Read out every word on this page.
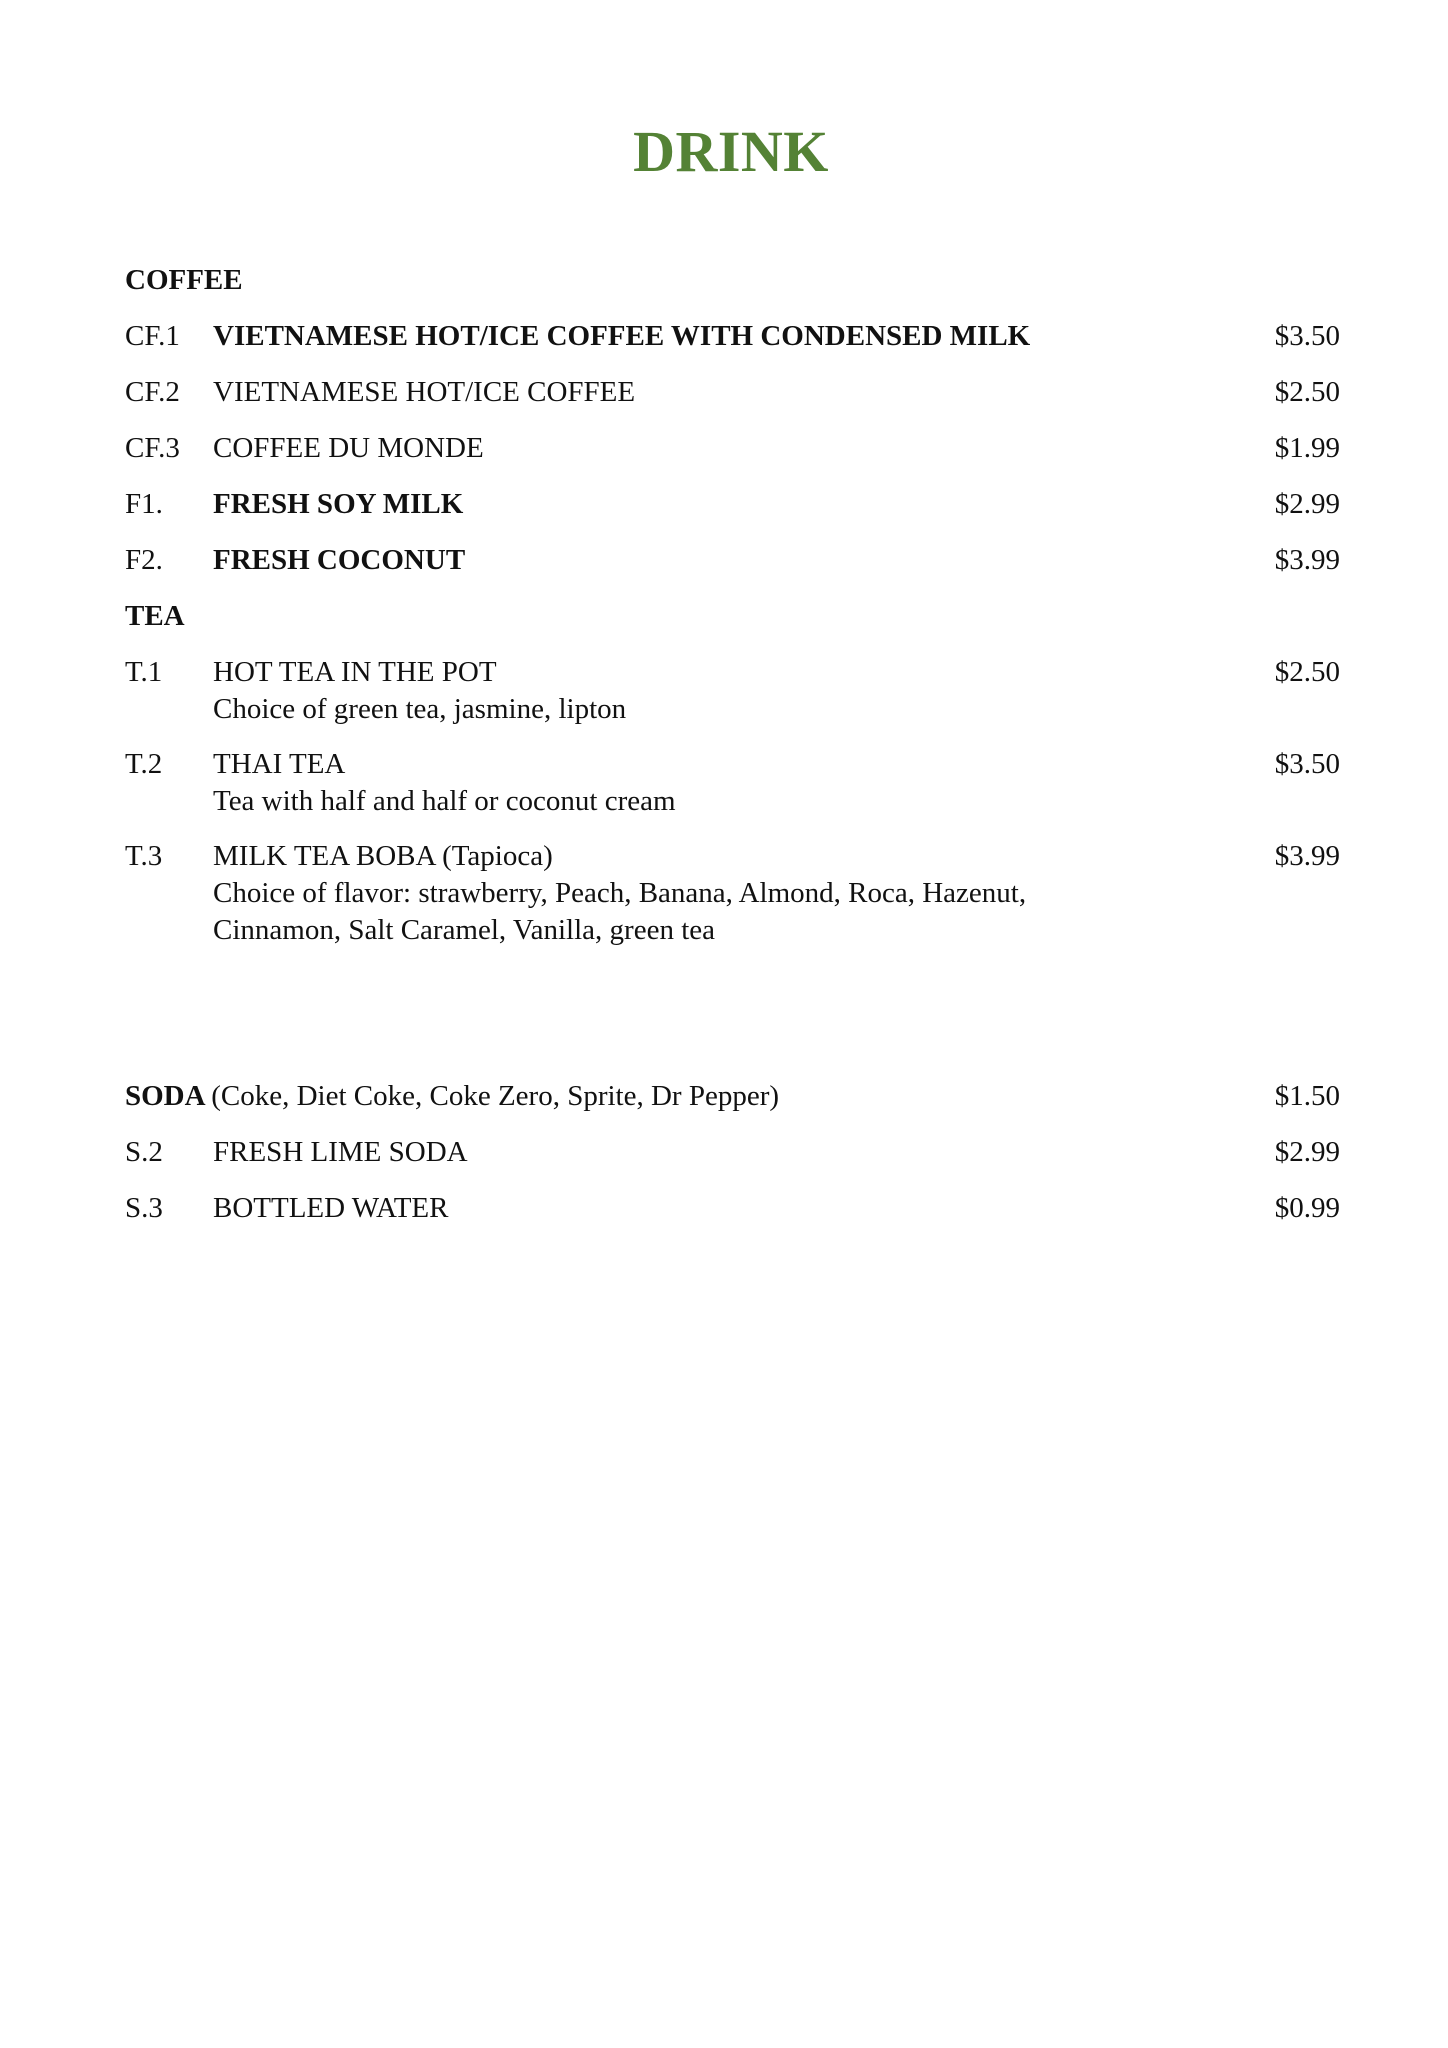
DRINK
COFFEE
CF.1 VIETNAMESE HOT/ICE COFFEE WITH CONDENSED MILK	$3.50
CF.2 VIETNAMESE HOT/ICE COFFEE	$2.50
CF.3 COFFEE DU MONDE	$1.99
F1. FRESH SOY MILK	$2.99
F2. FRESH COCONUT	$3.99
TEA
T.1 HOT TEA IN THE POT	$2.50
Choice of green tea, jasmine, lipton
T.2 THAI TEA	$3.50
Tea with half and half or coconut cream
T.3 MILK TEA BOBA (Tapioca)	$3.99
Choice of flavor: strawberry, Peach, Banana, Almond, Roca, Hazenut,
Cinnamon, Salt Caramel, Vanilla, green tea
SODA (Coke, Diet Coke, Coke Zero, Sprite, Dr Pepper)	$1.50
S.2 FRESH LIME SODA	$2.99
S.3 BOTTLED WATER	$0.99
